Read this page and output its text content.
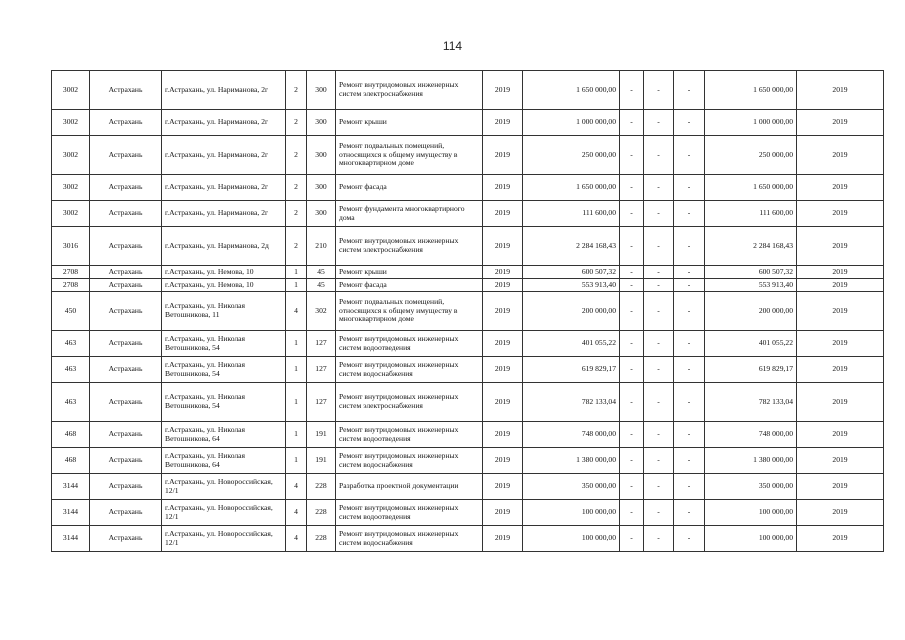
114
3002	Астрахань	г.Астрахань, ул. Нариманова, 2г	2	300	Ремонт внутридомовых инженерных систем электроснабжения	2019	1 650 000,00	-	-	-	1 650 000,00	2019
3002	Астрахань	г.Астрахань, ул. Нариманова, 2г	2	300	Ремонт крыши	2019	1 000 000,00	-	-	-	1 000 000,00	2019
3002	Астрахань	г.Астрахань, ул. Нариманова, 2г	2	300	Ремонт подвальных помещений, относящихся к общему имуществу в многоквартирном доме	2019	250 000,00	-	-	-	250 000,00	2019
3002	Астрахань	г.Астрахань, ул. Нариманова, 2г	2	300	Ремонт фасада	2019	1 650 000,00	-	-	-	1 650 000,00	2019
3002	Астрахань	г.Астрахань, ул. Нариманова, 2г	2	300	Ремонт фундамента многоквартирного дома	2019	111 600,00	-	-	-	111 600,00	2019
3016	Астрахань	г.Астрахань, ул. Нариманова, 2д	2	210	Ремонт внутридомовых инженерных систем электроснабжения	2019	2 284 168,43	-	-	-	2 284 168,43	2019
2708	Астрахань	г.Астрахань, ул. Немова, 10	1	45	Ремонт крыши	2019	600 507,32	-	-	-	600 507,32	2019
2708	Астрахань	г.Астрахань, ул. Немова, 10	1	45	Ремонт фасада	2019	553 913,40	-	-	-	553 913,40	2019
450	Астрахань	г.Астрахань, ул. Николая Ветошникова, 11	4	302	Ремонт подвальных помещений, относящихся к общему имуществу в многоквартирном доме	2019	200 000,00	-	-	-	200 000,00	2019
463	Астрахань	г.Астрахань, ул. Николая Ветошникова, 54	1	127	Ремонт внутридомовых инженерных систем водоотведения	2019	401 055,22	-	-	-	401 055,22	2019
463	Астрахань	г.Астрахань, ул. Николая Ветошникова, 54	1	127	Ремонт внутридомовых инженерных систем водоснабжения	2019	619 829,17	-	-	-	619 829,17	2019
463	Астрахань	г.Астрахань, ул. Николая Ветошникова, 54	1	127	Ремонт внутридомовых инженерных систем электроснабжения	2019	782 133,04	-	-	-	782 133,04	2019
468	Астрахань	г.Астрахань, ул. Николая Ветошникова, 64	1	191	Ремонт внутридомовых инженерных систем водоотведения	2019	748 000,00	-	-	-	748 000,00	2019
468	Астрахань	г.Астрахань, ул. Николая Ветошникова, 64	1	191	Ремонт внутридомовых инженерных систем водоснабжения	2019	1 380 000,00	-	-	-	1 380 000,00	2019
3144	Астрахань	г.Астрахань, ул. Новороссийская, 12/1	4	228	Разработка проектной документации	2019	350 000,00	-	-	-	350 000,00	2019
3144	Астрахань	г.Астрахань, ул. Новороссийская, 12/1	4	228	Ремонт внутридомовых инженерных систем водоотведения	2019	100 000,00	-	-	-	100 000,00	2019
3144	Астрахань	г.Астрахань, ул. Новороссийская, 12/1	4	228	Ремонт внутридомовых инженерных систем водоснабжения	2019	100 000,00	-	-	-	100 000,00	2019
